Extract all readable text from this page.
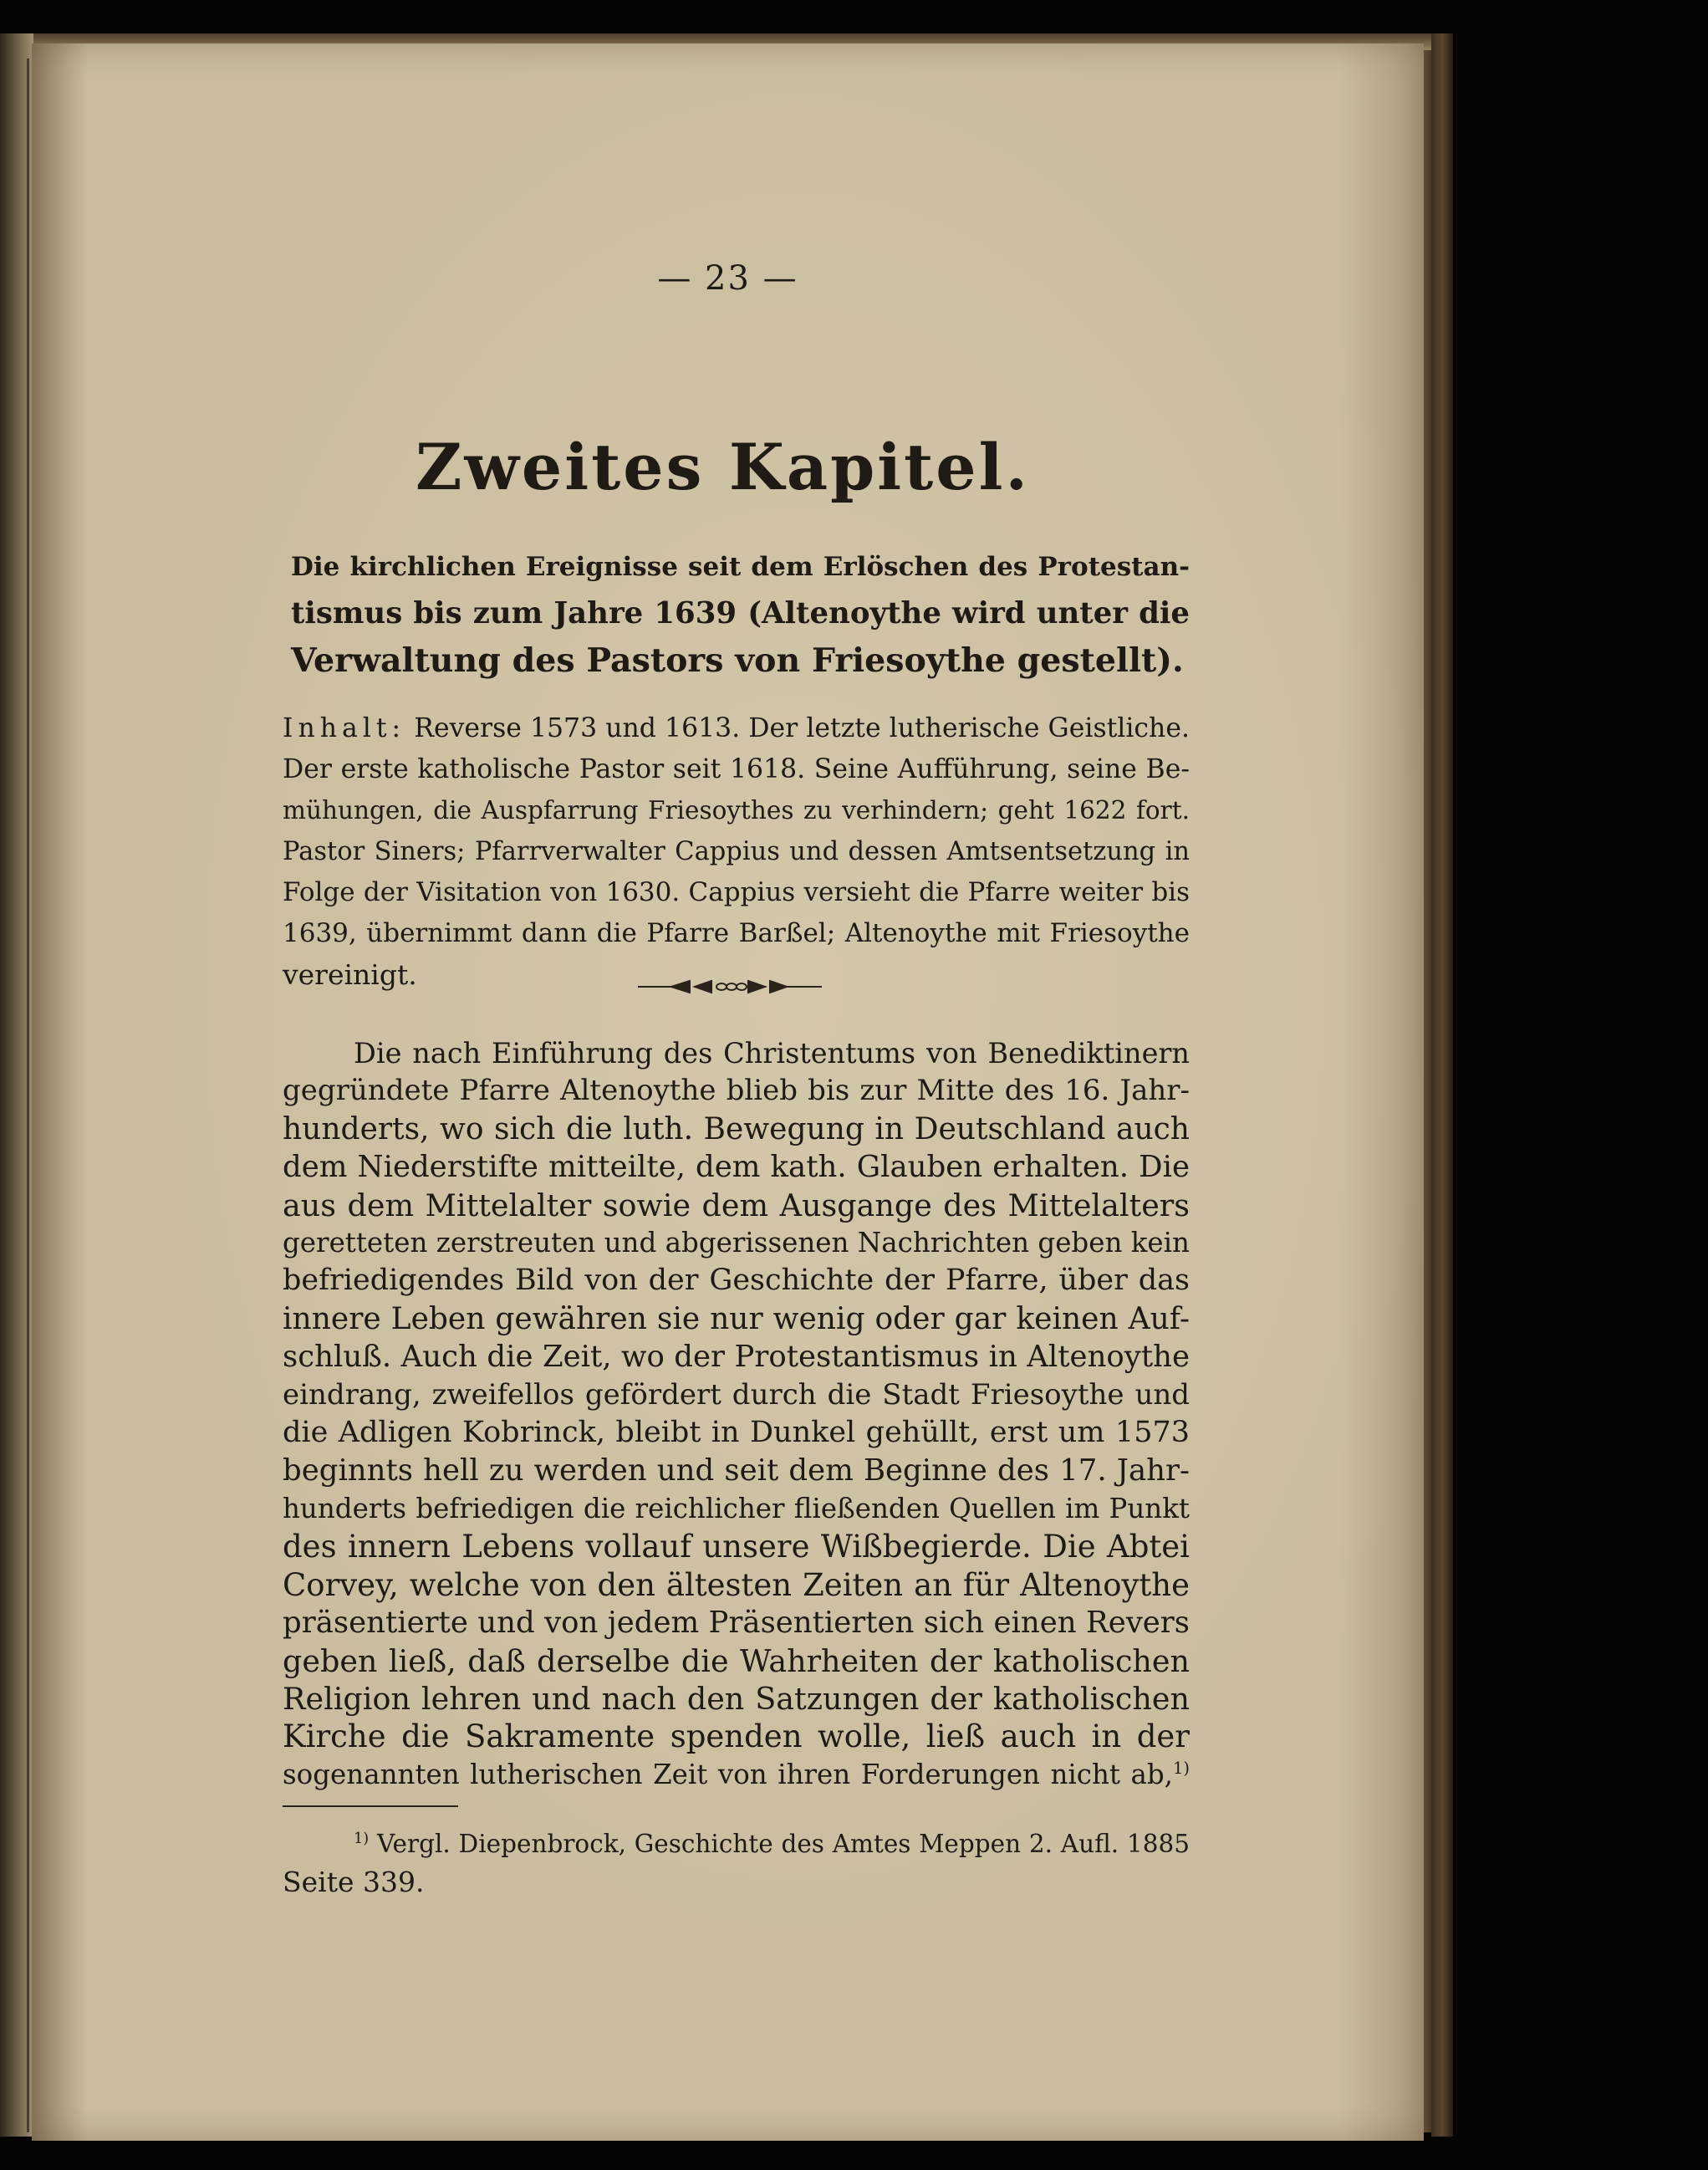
— 23 —
Zweites Kapitel.
Die kirchlichen Ereignisse seit dem Erlöschen des Protestan-
tismus bis zum Jahre 1639 (Altenoythe wird unter die
Verwaltung des Pastors von Friesoythe gestellt).
Inhalt: Reverse 1573 und 1613. Der letzte lutherische Geistliche.
Der erste katholische Pastor seit 1618. Seine Aufführung, seine Be-
mühungen, die Auspfarrung Friesoythes zu verhindern; geht 1622 fort.
Pastor Siners; Pfarrverwalter Cappius und dessen Amtsentsetzung in
Folge der Visitation von 1630. Cappius versieht die Pfarre weiter bis
1639, übernimmt dann die Pfarre Barßel; Altenoythe mit Friesoythe
vereinigt.
Die nach Einführung des Christentums von Benediktinern
gegründete Pfarre Altenoythe blieb bis zur Mitte des 16. Jahr-
hunderts, wo sich die luth. Bewegung in Deutschland auch
dem Niederstifte mitteilte, dem kath. Glauben erhalten. Die
aus dem Mittelalter sowie dem Ausgange des Mittelalters
geretteten zerstreuten und abgerissenen Nachrichten geben kein
befriedigendes Bild von der Geschichte der Pfarre, über das
innere Leben gewähren sie nur wenig oder gar keinen Auf-
schluß. Auch die Zeit, wo der Protestantismus in Altenoythe
eindrang, zweifellos gefördert durch die Stadt Friesoythe und
die Adligen Kobrinck, bleibt in Dunkel gehüllt, erst um 1573
beginnts hell zu werden und seit dem Beginne des 17. Jahr-
hunderts befriedigen die reichlicher fließenden Quellen im Punkt
des innern Lebens vollauf unsere Wißbegierde. Die Abtei
Corvey, welche von den ältesten Zeiten an für Altenoythe
präsentierte und von jedem Präsentierten sich einen Revers
geben ließ, daß derselbe die Wahrheiten der katholischen
Religion lehren und nach den Satzungen der katholischen
Kirche die Sakramente spenden wolle, ließ auch in der
sogenannten lutherischen Zeit von ihren Forderungen nicht ab,$^{1)}$
$^{1)}$ Vergl. Diepenbrock, Geschichte des Amtes Meppen 2. Aufl. 1885
Seite 339.
